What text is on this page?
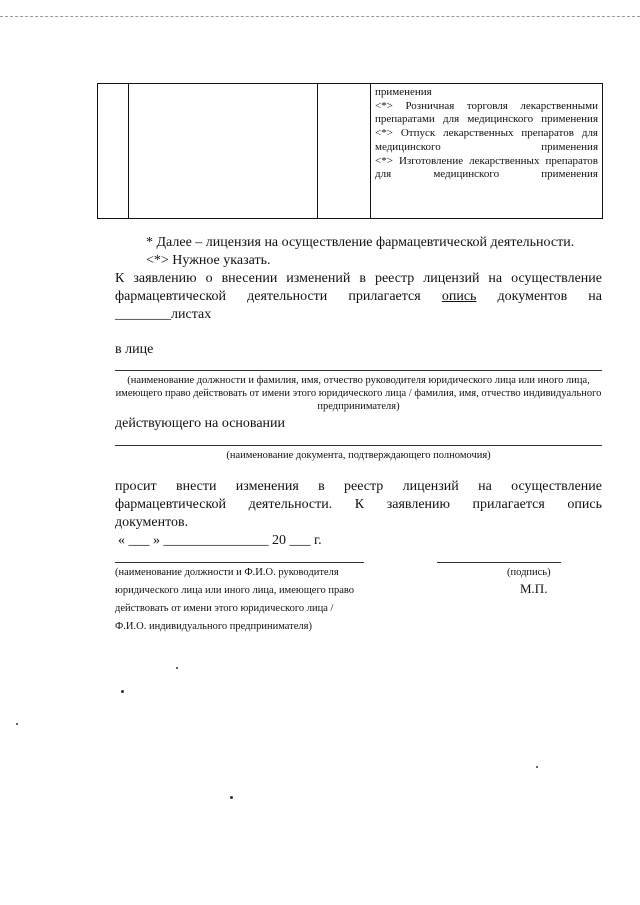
применения
<*> Розничная торговля лекарственными препаратами для медицинского применения
<*> Отпуск лекарственных препаратов для медицинского применения
<*> Изготовление лекарственных препаратов для медицинского применения
* Далее – лицензия на осуществление фармацевтической деятельности.
<*> Нужное указать.
К заявлению о внесении изменений в реестр лицензий на осуществление
фармацевтической деятельности прилагается опись документов на
________листах
в лице
(наименование должности и фамилия, имя, отчество руководителя юридического лица или иного лица, имеющего право действовать от имени этого юридического лица / фамилия, имя, отчество индивидуального предпринимателя)
действующего на основании
(наименование документа, подтверждающего полномочия)
просит внести изменения в реестр лицензий на осуществление
фармацевтической деятельности. К заявлению прилагается опись
документов.
« ___ » _______________ 20 ___ г.
(наименование должности и Ф.И.О. руководителя
юридического лица или иного лица, имеющего право
действовать от имени этого юридического лица /
Ф.И.О. индивидуального предпринимателя)
(подпись)
М.П.
